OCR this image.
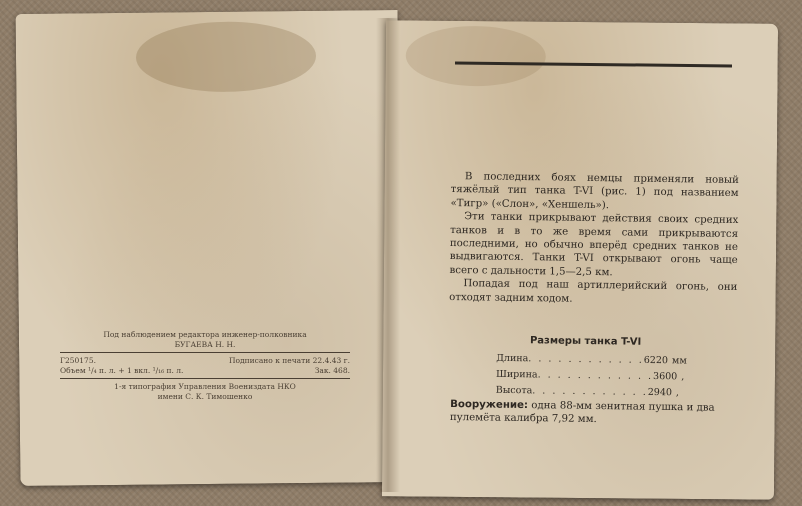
Под наблюдением редактора инженер-полковника
БУГАЕВА Н. Н.
Г250175.	Подписано к печати 22.4.43 г.
Объем ¹/₄ п. л. + 1 вкл. ¹/₁₆ п. л.	Зак. 468.
1-я типография Управления Воениздата НКО
имени С. К. Тимошенко

В последних боях немцы применяли новый тяжёлый тип танка T-VI (рис. 1) под названием «Тигр» («Слон», «Хеншель»).

Эти танки прикрывают действия своих средних танков и в то же время сами прикрываются последними, но обычно вперёд средних танков не выдвигаются. Танки T-VI открывают огонь чаще всего с дальности 1,5—2,5 км.

Попадая под наш артиллерийский огонь, они отходят задним ходом.

Размеры танка T-VI
Длина . . . . . . . . . . . . 6220 мм
Ширина . . . . . . . . . . . . 3600 ,
Высота . . . . . . . . . . . . 2940 ,
Вооружение: одна 88-мм зенитная пушка и два пулемёта калибра 7,92 мм.
